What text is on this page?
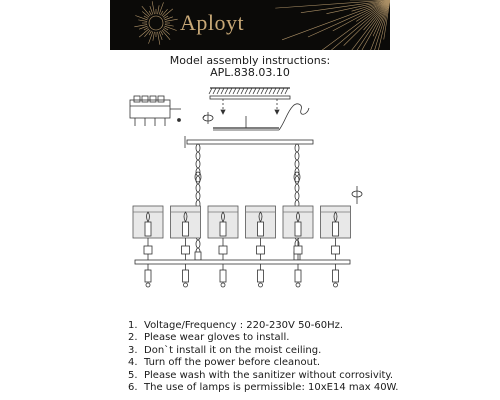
Aployt
Model assembly instructions:
APL.838.03.10
1. Voltage/Frequency : 220-230V 50-60Hz.
2. Please wear gloves to install.
3. Don`t install it on the moist ceiling.
4. Turn off the power before cleanout.
5. Please wash with the sanitizer without corrosivity.
6. The use of lamps is permissible: 10xE14 max 40W.
